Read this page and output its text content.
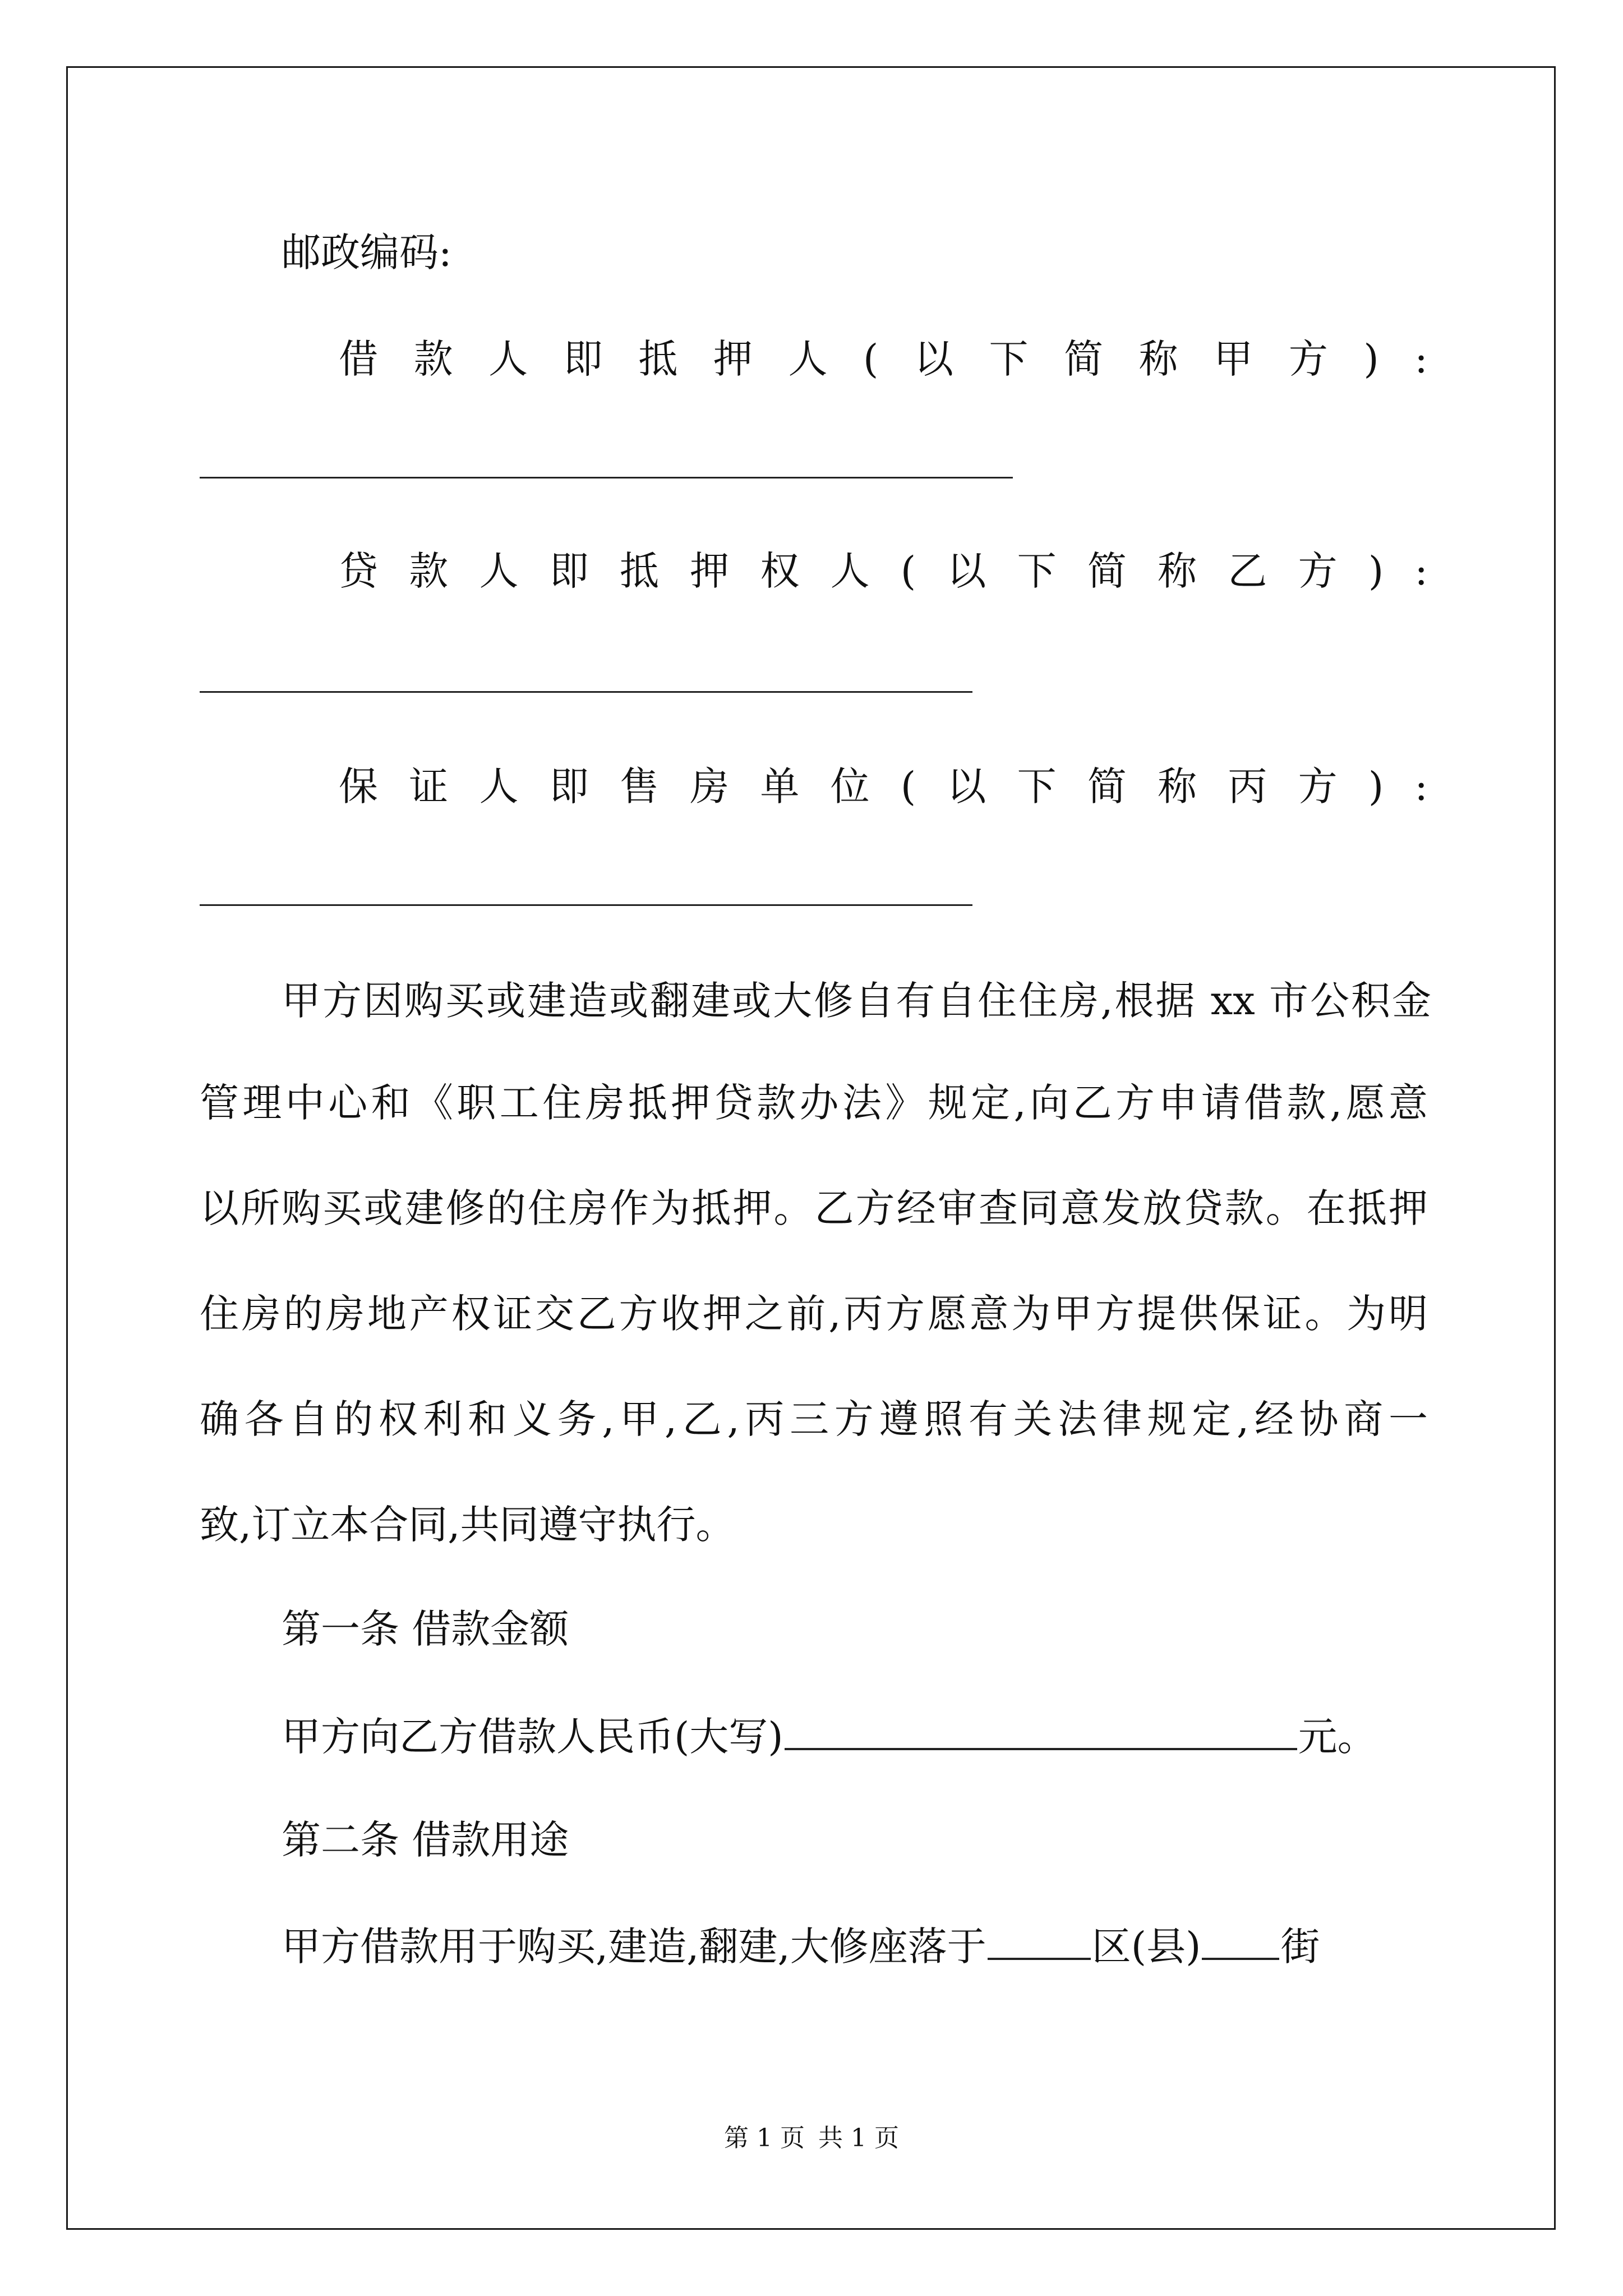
邮政编码:
借 款 人 即 抵 押 人 ( 以 下 简 称 甲 方 ) :
贷 款 人 即 抵 押 权 人 ( 以 下 简 称 乙 方 ) :
保 证 人 即 售 房 单 位 ( 以 下 简 称 丙 方 ) :
甲方因购买或建造或翻建或大修自有自住住房,根据 xx 市公积金
管理中心和《职工住房抵押贷款办法》规定,向乙方申请借款,愿意
以所购买或建修的住房作为抵押。乙方经审查同意发放贷款。在抵押
住房的房地产权证交乙方收押之前,丙方愿意为甲方提供保证。为明
确各自的权利和义务,甲,乙,丙三方遵照有关法律规定,经协商一
致,订立本合同,共同遵守执行。
第一条 借款金额
甲方向乙方借款人民币(大写)	元。
第二条 借款用途
甲方借款用于购买,建造,翻建,大修座落于	区(县) 街
第 1 页 共 1 页
